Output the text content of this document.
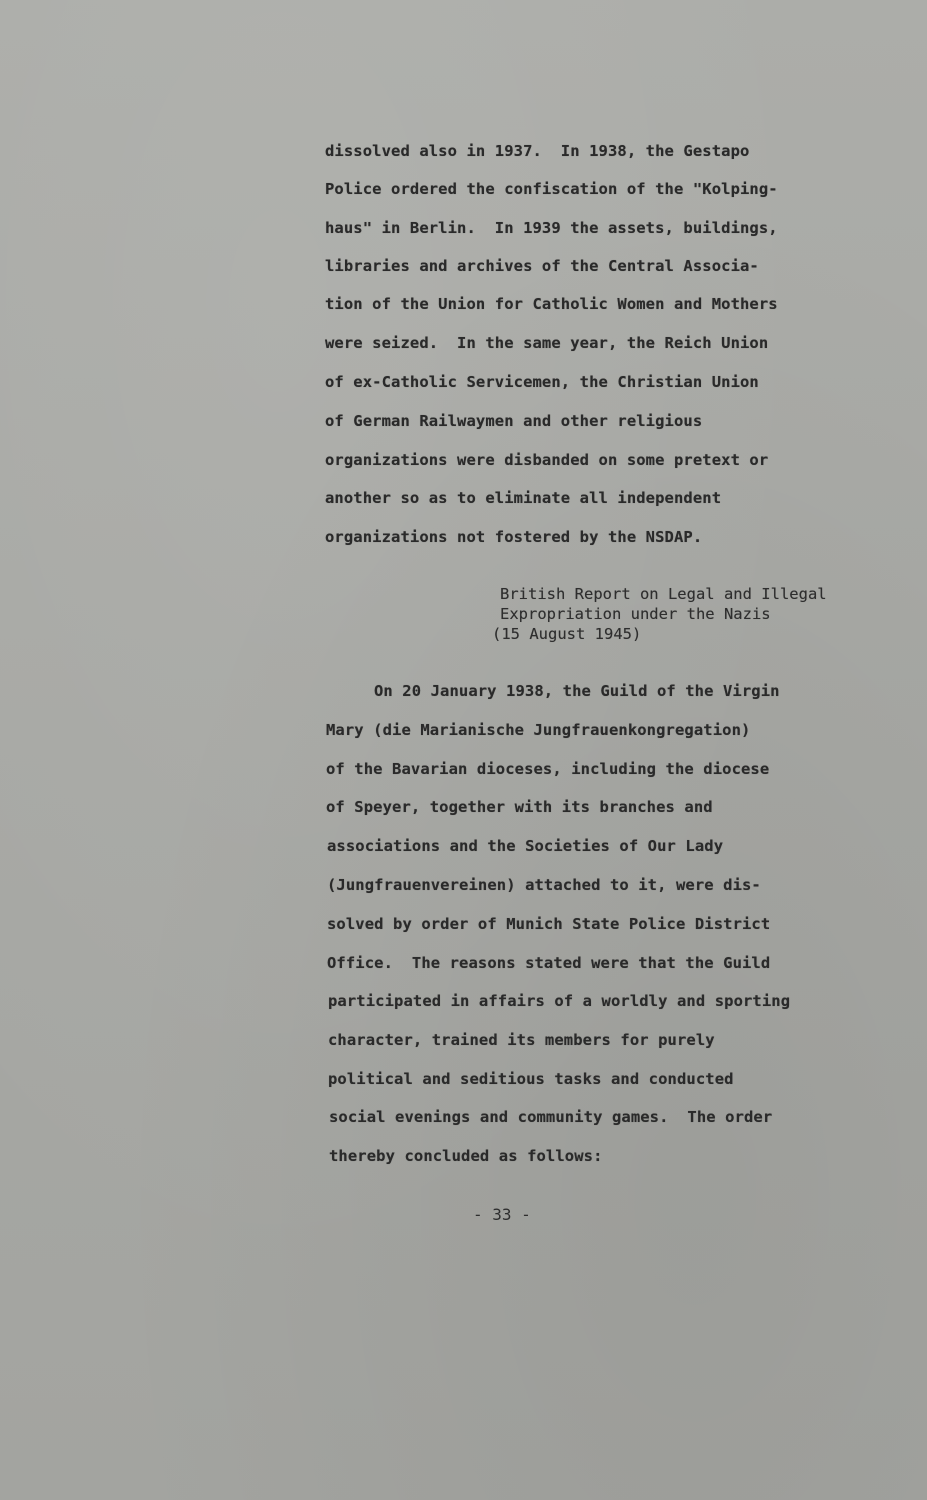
dissolved also in 1937.  In 1938, the Gestapo
Police ordered the confiscation of the "Kolping-
haus" in Berlin.  In 1939 the assets, buildings,
libraries and archives of the Central Associa-
tion of the Union for Catholic Women and Mothers
were seized.  In the same year, the Reich Union
of ex-Catholic Servicemen, the Christian Union
of German Railwaymen and other religious
organizations were disbanded on some pretext or
another so as to eliminate all independent
organizations not fostered by the NSDAP.
British Report on Legal and Illegal
Expropriation under the Nazis
(15 August 1945)
On 20 January 1938, the Guild of the Virgin
Mary (die Marianische Jungfrauenkongregation)
of the Bavarian dioceses, including the diocese
of Speyer, together with its branches and
associations and the Societies of Our Lady
(Jungfrauenvereinen) attached to it, were dis-
solved by order of Munich State Police District
Office.  The reasons stated were that the Guild
participated in affairs of a worldly and sporting
character, trained its members for purely
political and seditious tasks and conducted
social evenings and community games.  The order
thereby concluded as follows:
- 33 -
